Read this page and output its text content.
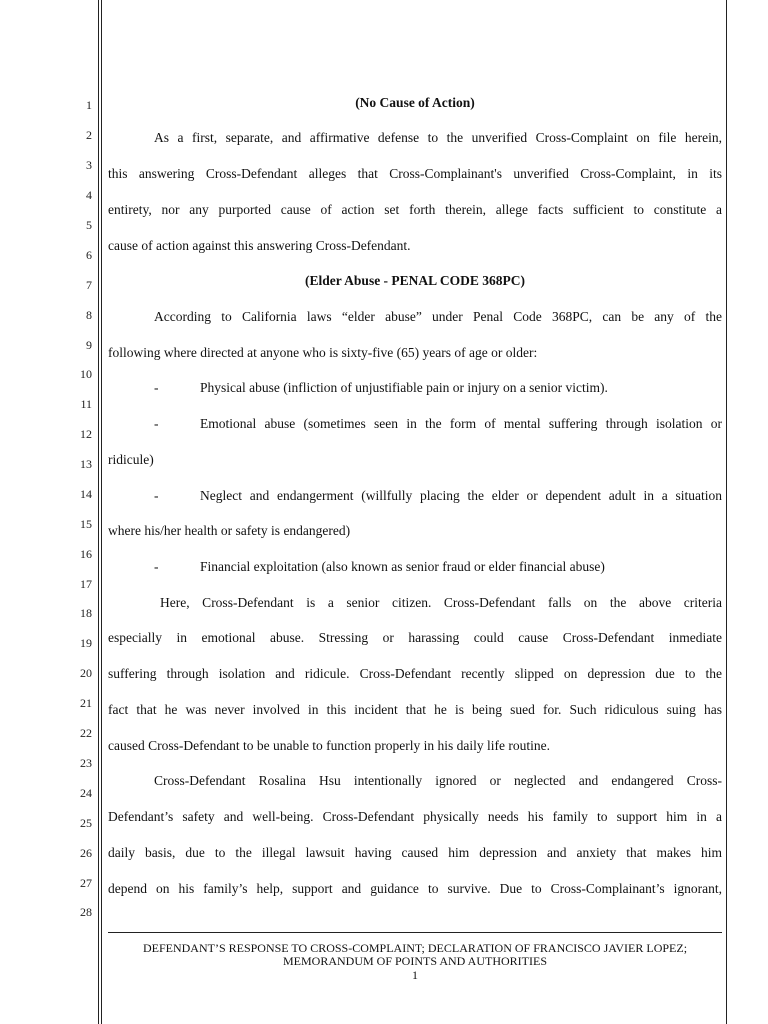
1
2
3
4
5
6
7
8
9
10
11
12
13
14
15
16
17
18
19
20
21
22
23
24
25
26
27
28
(No Cause of Action)
As a first, separate, and affirmative defense to the unverified Cross-Complaint on file herein,
this answering Cross-Defendant alleges that Cross-Complainant's unverified Cross-Complaint, in its
entirety, nor any purported cause of action set forth therein, allege facts sufficient to constitute a
cause of action against this answering Cross-Defendant.
(Elder Abuse - PENAL CODE 368PC)
According to California laws “elder abuse” under Penal Code 368PC, can be any of the
following where directed at anyone who is sixty-five (65) years of age or older:
-	Physical abuse (infliction of unjustifiable pain or injury on a senior victim).
-	Emotional abuse (sometimes seen in the form of mental suffering through isolation or
ridicule)
-	Neglect and endangerment (willfully placing the elder or dependent adult in a situation
where his/her health or safety is endangered)
-	Financial exploitation (also known as senior fraud or elder financial abuse)
Here, Cross-Defendant is a senior citizen. Cross-Defendant falls on the above criteria
especially in emotional abuse. Stressing or harassing could cause Cross-Defendant inmediate
suffering through isolation and ridicule. Cross-Defendant recently slipped on depression due to the
fact that he was never involved in this incident that he is being sued for. Such ridiculous suing has
caused Cross-Defendant to be unable to function properly in his daily life routine.
Cross-Defendant Rosalina Hsu intentionally ignored or neglected and endangered Cross-
Defendant’s safety and well-being. Cross-Defendant physically needs his family to support him in a
daily basis, due to the illegal lawsuit having caused him depression and anxiety that makes him
depend on his family’s help, support and guidance to survive. Due to Cross-Complainant’s ignorant,
DEFENDANT’S RESPONSE TO CROSS-COMPLAINT; DECLARATION OF FRANCISCO JAVIER LOPEZ;
MEMORANDUM OF POINTS AND AUTHORITIES
1
